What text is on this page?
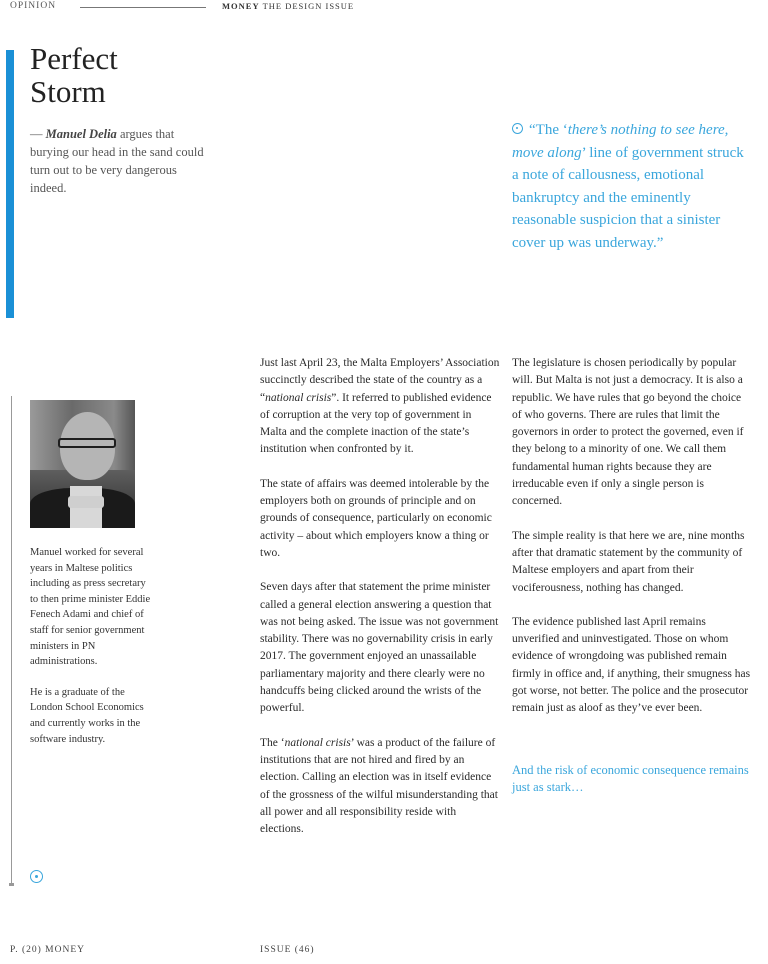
OPINION	MONEY THE DESIGN ISSUE
Perfect
Storm
— Manuel Delia argues that burying our head in the sand could turn out to be very dangerous indeed.
“The ‘there’s nothing to see here, move along’ line of government struck a note of callousness, emotional bankruptcy and the eminently reasonable suspicion that a sinister cover up was underway.”

Manuel worked for several years in Maltese politics including as press secretary to then prime minister Eddie Fenech Adami and chief of staff for senior government ministers in PN administrations.

He is a graduate of the London School Economics and currently works in the software industry.

Just last April 23, the Malta Employers’ Association succinctly described the state of the country as a “national crisis”. It referred to published evidence of corruption at the very top of government in Malta and the complete inaction of the state’s institution when confronted by it.

The state of affairs was deemed intolerable by the employers both on grounds of principle and on grounds of consequence, particularly on economic activity – about which employers know a thing or two.

Seven days after that statement the prime minister called a general election answering a question that was not being asked. The issue was not government stability. There was no governability crisis in early 2017. The government enjoyed an unassailable parliamentary majority and there clearly were no handcuffs being clicked around the wrists of the powerful.

The ‘national crisis’ was a product of the failure of institutions that are not hired and fired by an election. Calling an election was in itself evidence of the grossness of the wilful misunderstanding that all power and all responsibility reside with elections.

The legislature is chosen periodically by popular will. But Malta is not just a democracy. It is also a republic. We have rules that go beyond the choice of who governs. There are rules that limit the governors in order to protect the governed, even if they belong to a minority of one. We call them fundamental human rights because they are irreducable even if only a single person is concerned.

The simple reality is that here we are, nine months after that dramatic statement by the community of Maltese employers and apart from their vociferousness, nothing has changed.

The evidence published last April remains unverified and uninvestigated. Those on whom evidence of wrongdoing was published remain firmly in office and, if anything, their smugness has got worse, not better. The police and the prosecutor remain just as aloof as they’ve ever been.

And the risk of economic consequence remains just as stark…

P. (20) MONEY	ISSUE (46)
